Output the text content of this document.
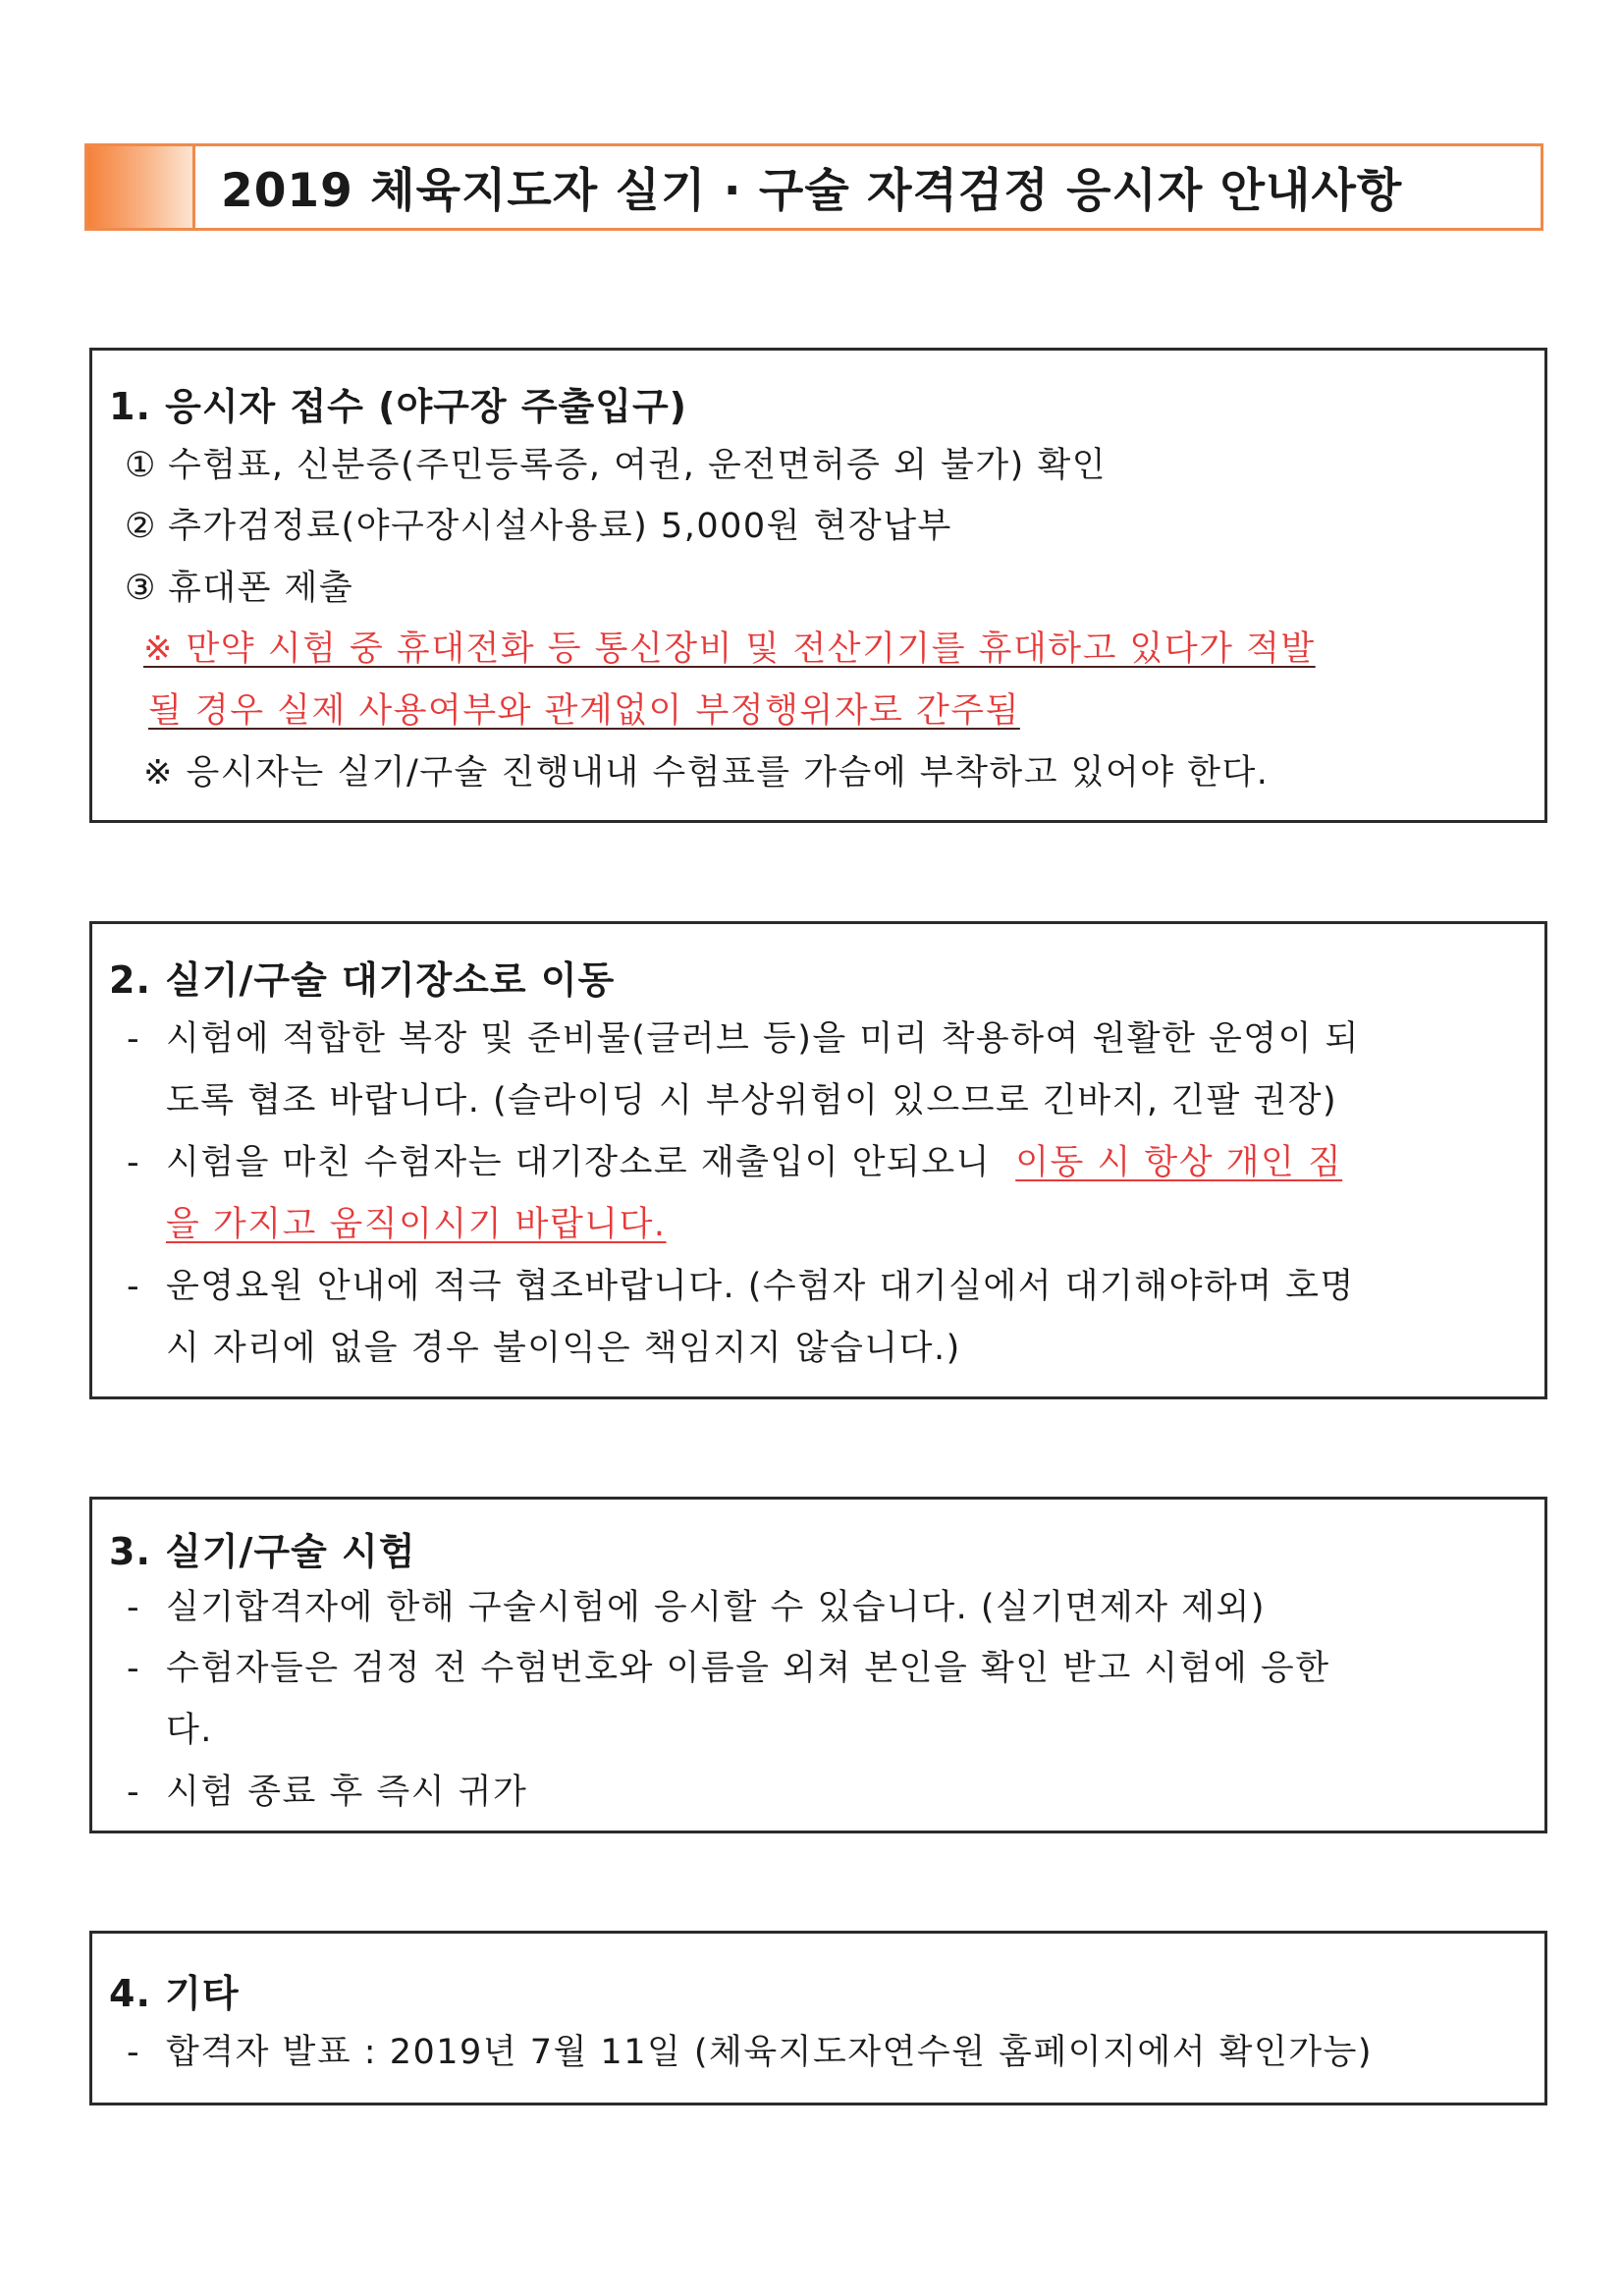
2019 체육지도자 실기 · 구술 자격검정 응시자 안내사항
1. 응시자 접수 (야구장 주출입구)
① 수험표, 신분증(주민등록증, 여권, 운전면허증 외 불가) 확인
② 추가검정료(야구장시설사용료) 5,000원 현장납부
③ 휴대폰 제출
※ 만약 시험 중 휴대전화 등 통신장비 및 전산기기를 휴대하고 있다가 적발
될 경우 실제 사용여부와 관계없이 부정행위자로 간주됨
※ 응시자는 실기/구술 진행내내 수험표를 가슴에 부착하고 있어야 한다.
2. 실기/구술 대기장소로 이동
- 시험에 적합한 복장 및 준비물(글러브 등)을 미리 착용하여 원활한 운영이 되
도록 협조 바랍니다. (슬라이딩 시 부상위험이 있으므로 긴바지, 긴팔 권장)
- 시험을 마친 수험자는 대기장소로 재출입이 안되오니 이동 시 항상 개인 짐
을 가지고 움직이시기 바랍니다.
- 운영요원 안내에 적극 협조바랍니다. (수험자 대기실에서 대기해야하며 호명
시 자리에 없을 경우 불이익은 책임지지 않습니다.)
3. 실기/구술 시험
- 실기합격자에 한해 구술시험에 응시할 수 있습니다. (실기면제자 제외)
- 수험자들은 검정 전 수험번호와 이름을 외쳐 본인을 확인 받고 시험에 응한
다.
- 시험 종료 후 즉시 귀가
4. 기타
- 합격자 발표 : 2019년 7월 11일 (체육지도자연수원 홈페이지에서 확인가능)
